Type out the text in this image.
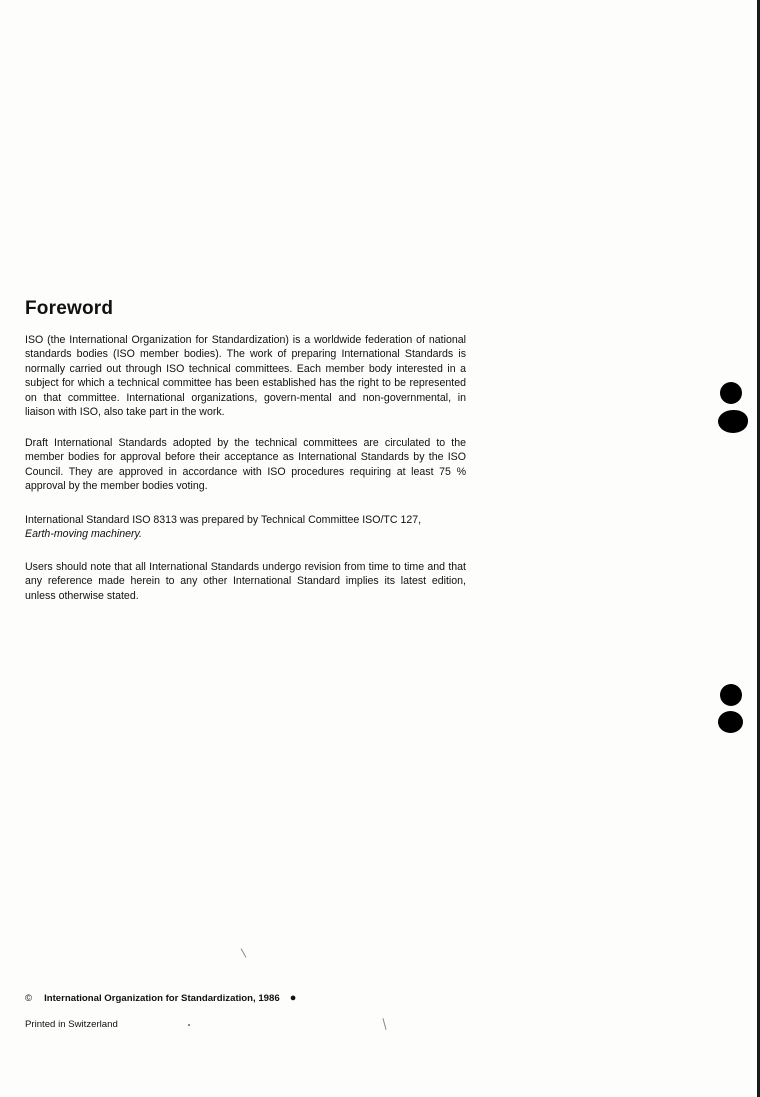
Foreword

ISO (the International Organization for Standardization) is a worldwide federation of national standards bodies (ISO member bodies). The work of preparing International Standards is normally carried out through ISO technical committees. Each member body interested in a subject for which a technical committee has been established has the right to be represented on that committee. International organizations, govern-mental and non-governmental, in liaison with ISO, also take part in the work.

Draft International Standards adopted by the technical committees are circulated to the member bodies for approval before their acceptance as International Standards by the ISO Council. They are approved in accordance with ISO procedures requiring at least 75 % approval by the member bodies voting.

International Standard ISO 8313 was prepared by Technical Committee ISO/TC 127,
Earth-moving machinery.

Users should note that all International Standards undergo revision from time to time and that any reference made herein to any other International Standard implies its latest edition, unless otherwise stated.

© International Organization for Standardization, 1986 ●

Printed in Switzerland
